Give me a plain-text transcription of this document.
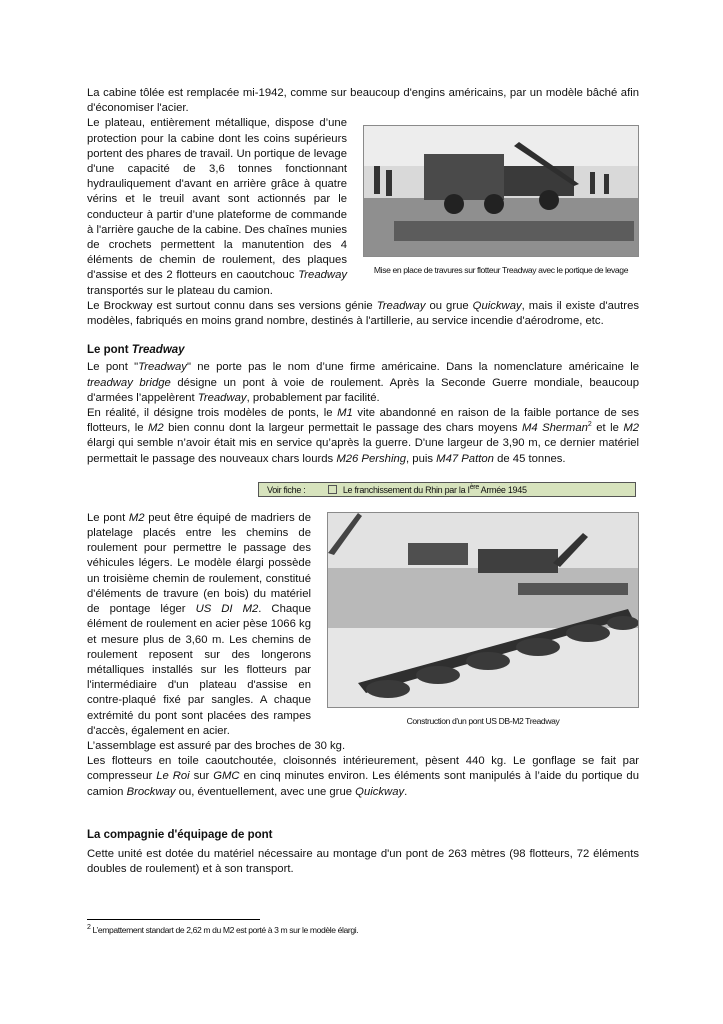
La cabine tôlée est remplacée mi-1942, comme sur beaucoup d'engins américains, par un modèle bâché afin d'économiser l'acier.

Mise en place de travures sur flotteur Treadway avec le portique de levage

Le plateau, entièrement métallique, dispose d’une protection pour la cabine dont les coins supérieurs portent des phares de travail. Un portique de levage d'une capacité de 3,6 tonnes fonctionnant hydrauliquement d'avant en arrière grâce à quatre vérins et le treuil avant sont actionnés par le conducteur à partir d’une plateforme de commande à l'arrière gauche de la cabine. Des chaînes munies de crochets permettent la manutention des 4 éléments de chemin de roulement, des plaques d'assise et des 2 flotteurs en caoutchouc Treadway transportés sur le plateau du camion.

Le Brockway est surtout connu dans ses versions génie Treadway ou grue Quickway, mais il existe d'autres modèles, fabriqués en moins grand nombre, destinés à l'artillerie, au service incendie d'aérodrome, etc.

Le pont Treadway

Le pont "Treadway" ne porte pas le nom d’une firme américaine. Dans la nomenclature américaine le treadway bridge désigne un pont à voie de roulement. Après la Seconde Guerre mondiale, beaucoup d'armées l’appelèrent Treadway, probablement par facilité.

En réalité, il désigne trois modèles de ponts, le M1 vite abandonné en raison de la faible portance de ses flotteurs, le M2 bien connu dont la largeur permettait le passage des chars moyens M4 Sherman$^2$ et le M2 élargi qui semble n’avoir était mis en service qu’après la guerre. D'une largeur de 3,90 m, ce dernier matériel permettait le passage des nouveaux chars lourds M26 Pershing, puis M47 Patton de 45 tonnes.

Voir fiche :	Le franchissement du Rhin par la Ière Armée 1945
Construction d'un pont US DB-M2 Treadway

Le pont M2 peut être équipé de madriers de platelage placés entre les chemins de roulement pour permettre le passage des véhicules légers. Le modèle élargi possède un troisième chemin de roulement, constitué d'éléments de travure (en bois) du matériel de pontage léger US DI M2. Chaque élément de roulement en acier pèse 1066 kg et mesure plus de 3,60 m. Les chemins de roulement reposent sur des longerons métalliques installés sur les flotteurs par l'intermédiaire d'un plateau d'assise en contre-plaqué fixé par sangles. A chaque extrémité du pont sont placées des rampes d'accès, également en acier.

L’assemblage est assuré par des broches de 30 kg.

Les flotteurs en toile caoutchoutée, cloisonnés intérieurement, pèsent 440 kg. Le gonflage se fait par compresseur Le Roi sur GMC en cinq minutes environ. Les éléments sont manipulés à l’aide du portique du camion Brockway ou, éventuellement, avec une grue Quickway.

La compagnie d'équipage de pont

Cette unité est dotée du matériel nécessaire au montage d'un pont de 263 mètres (98 flotteurs, 72 éléments doubles de roulement) et à son transport.

$^2$ L’empattement standart de 2,62 m du M2 est porté à 3 m sur le modèle élargi.
